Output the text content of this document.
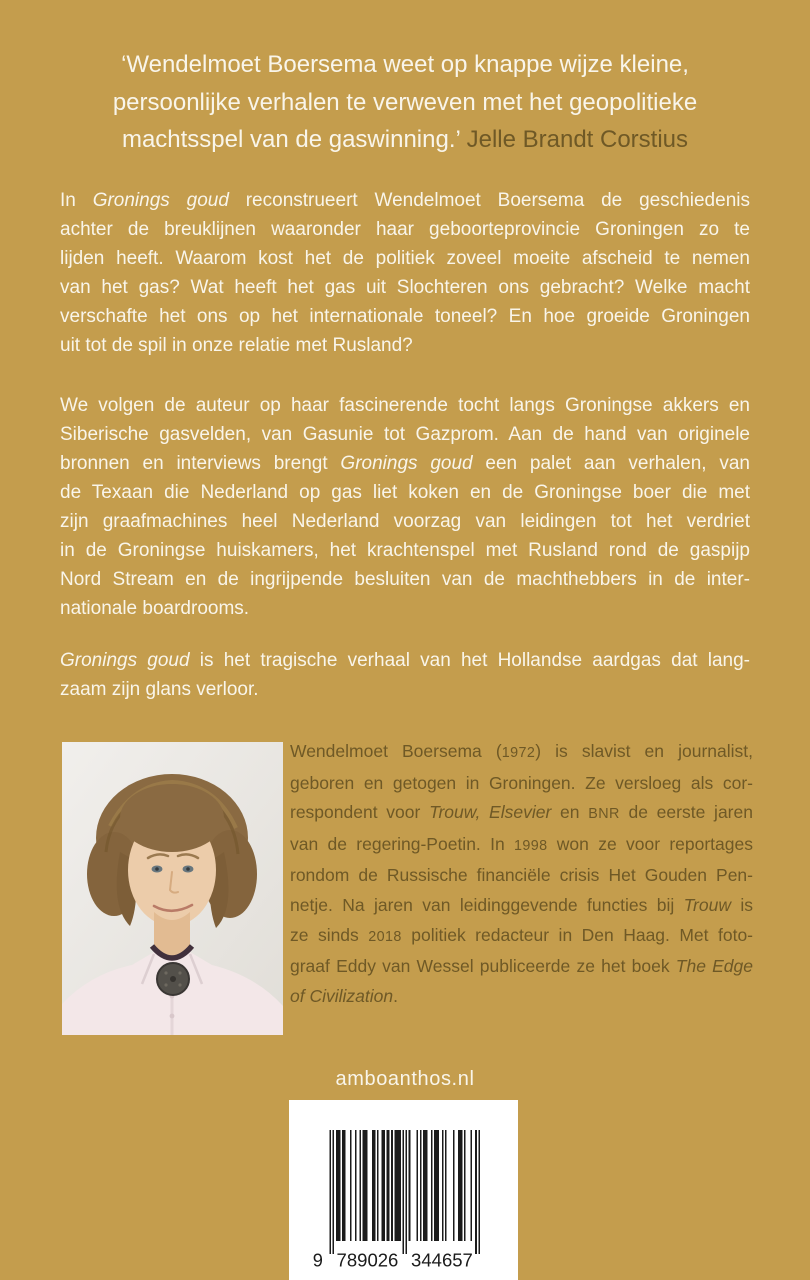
‘Wendelmoet Boersema weet op knappe wijze kleine,
persoonlijke verhalen te verweven met het geopolitieke
machtsspel van de gaswinning.’ Jelle Brandt Corstius
In Gronings goud reconstrueert Wendelmoet Boersema de geschiedenis
achter de breuklijnen waaronder haar geboorteprovincie Groningen zo te
lijden heeft. Waarom kost het de politiek zoveel moeite afscheid te nemen
van het gas? Wat heeft het gas uit Slochteren ons gebracht? Welke macht
verschafte het ons op het internationale toneel? En hoe groeide Groningen
uit tot de spil in onze relatie met Rusland?
We volgen de auteur op haar fascinerende tocht langs Groningse akkers en
Siberische gasvelden, van Gasunie tot Gazprom. Aan de hand van originele
bronnen en interviews brengt Gronings goud een palet aan verhalen, van
de Texaan die Nederland op gas liet koken en de Groningse boer die met
zijn graafmachines heel Nederland voorzag van leidingen tot het verdriet
in de Groningse huiskamers, het krachtenspel met Rusland rond de gaspijp
Nord Stream en de ingrijpende besluiten van de machthebbers in de inter-
nationale boardrooms.
Gronings goud is het tragische verhaal van het Hollandse aardgas dat lang-
zaam zijn glans verloor.
Wendelmoet Boersema (1972) is slavist en journalist,
geboren en getogen in Groningen. Ze versloeg als cor-
respondent voor Trouw, Elsevier en BNR de eerste jaren
van de regering-Poetin. In 1998 won ze voor reportages
rondom de Russische financiële crisis Het Gouden Pen-
netje. Na jaren van leidinggevende functies bij Trouw is
ze sinds 2018 politiek redacteur in Den Haag. Met foto-
graaf Eddy van Wessel publiceerde ze het boek The Edge
of Civilization.
amboanthos.nl
9 789026 344657
